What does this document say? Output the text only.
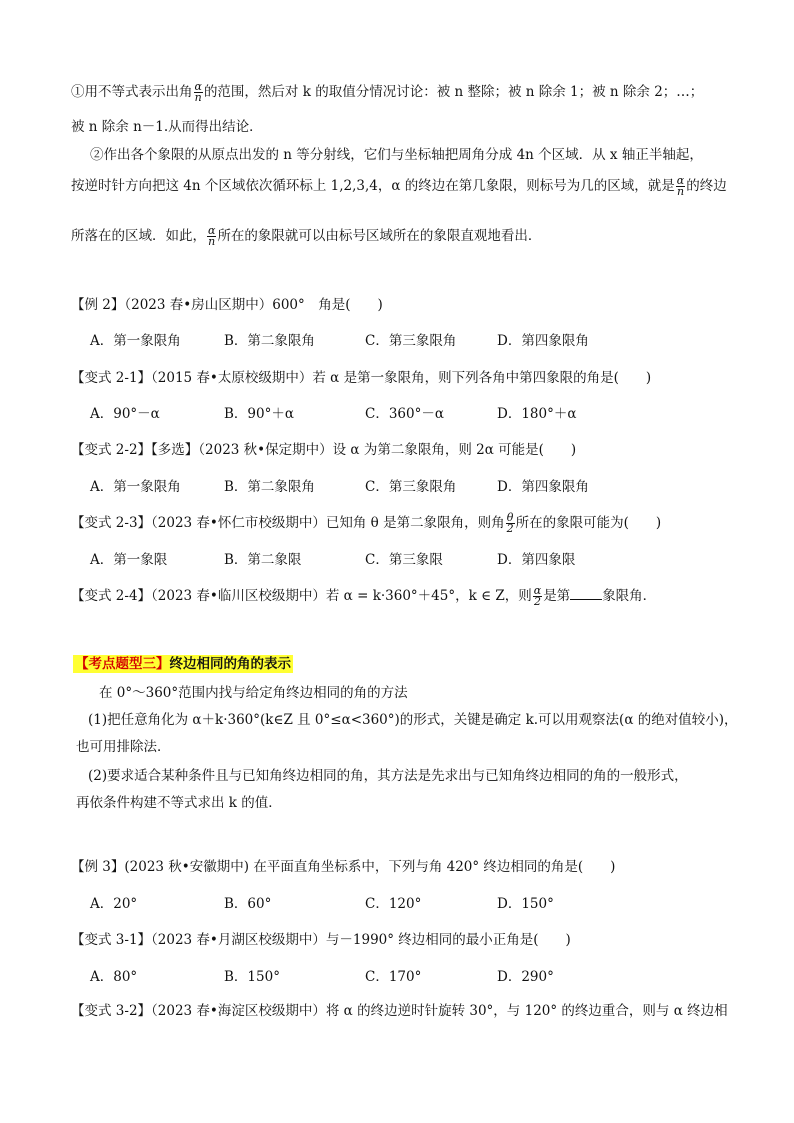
①用不等式表示出角 $\frac{\alpha}{n}$ 的范围，然后对 k 的取值分情况讨论：被 n 整除；被 n 除余 1；被 n 除余 2；…；
被 n 除余 n－1.从而得出结论．
②作出各个象限的从原点出发的 n 等分射线，它们与坐标轴把周角分成 4n 个区域．从 x 轴正半轴起，
按逆时针方向把这 4n 个区域依次循环标上 1,2,3,4，α 的终边在第几象限，则标号为几的区域，就是 $\frac{\alpha}{n}$ 的终边
所落在的区域．如此， $\frac{\alpha}{n}$ 所在的象限就可以由标号区域所在的象限直观地看出．
【例 2】（2023 春•房山区期中）600°　角是(　　)
A．第一象限角	B．第二象限角	C．第三象限角	D．第四象限角
【变式 2-1】（2015 春•太原校级期中）若 α 是第一象限角，则下列各角中第四象限的角是(　　)
A．90°－α	B．90°＋α	C．360°－α	D．180°＋α
【变式 2-2】【多选】（2023 秋•保定期中）设 α 为第二象限角，则 2α 可能是(　　)
A．第一象限角	B．第二象限角	C．第三象限角	D．第四象限角
【变式 2-3】（2023 春•怀仁市校级期中）已知角 θ 是第二象限角，则角 $\frac{\theta}{2}$ 所在的象限可能为(　　)
A．第一象限	B．第二象限	C．第三象限	D．第四象限
【变式 2-4】（2023 春•临川区校级期中）若 α = k·360°＋45°，k ∈ Z，则 $\frac{\alpha}{2}$ 是第 象限角．
【考点题型三】终边相同的角的表示
在 0°～360°范围内找与给定角终边相同的角的方法
(1)把任意角化为 α＋k·360°(k∈Z 且 0°≤α<360°)的形式，关键是确定 k.可以用观察法(α 的绝对值较小)，
也可用排除法．
(2)要求适合某种条件且与已知角终边相同的角，其方法是先求出与已知角终边相同的角的一般形式，
再依条件构建不等式求出 k 的值．
【例 3】(2023 秋•安徽期中) 在平面直角坐标系中，下列与角 420° 终边相同的角是(　　)
A．20°	B．60°	C．120°	D．150°
【变式 3-1】（2023 春•月湖区校级期中）与－1990° 终边相同的最小正角是(　　)
A．80°	B．150°	C．170°	D．290°
【变式 3-2】（2023 春•海淀区校级期中）将 α 的终边逆时针旋转 30°，与 120° 的终边重合，则与 α 终边相
